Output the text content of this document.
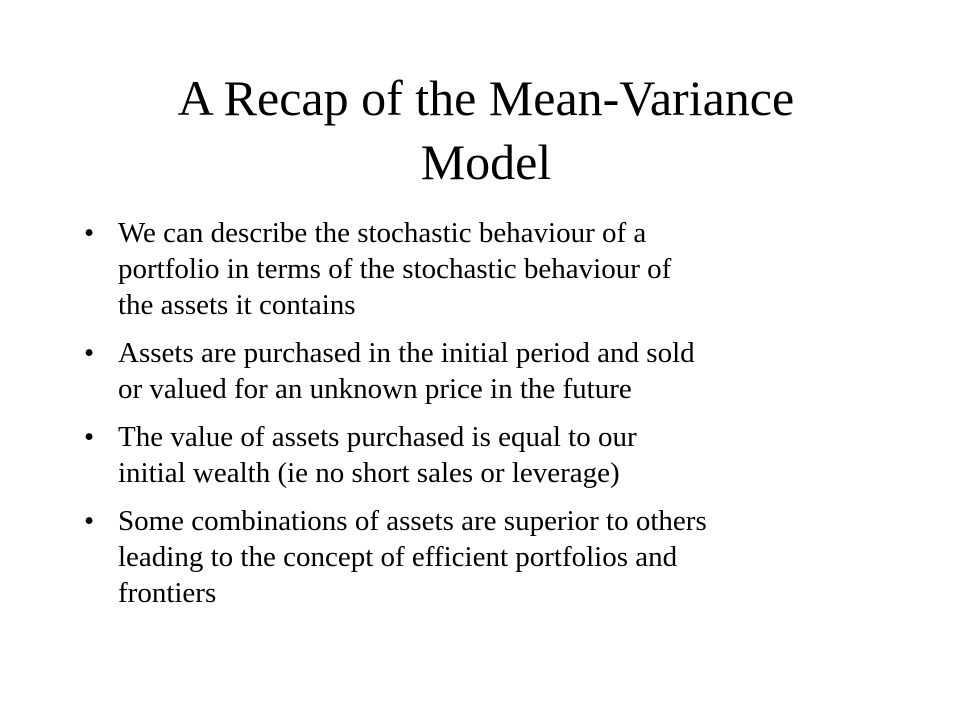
A Recap of the Mean-Variance
Model
• We can describe the stochastic behaviour of a
portfolio in terms of the stochastic behaviour of
the assets it contains
• Assets are purchased in the initial period and sold
or valued for an unknown price in the future
• The value of assets purchased is equal to our
initial wealth (ie no short sales or leverage)
• Some combinations of assets are superior to others
leading to the concept of efficient portfolios and
frontiers
